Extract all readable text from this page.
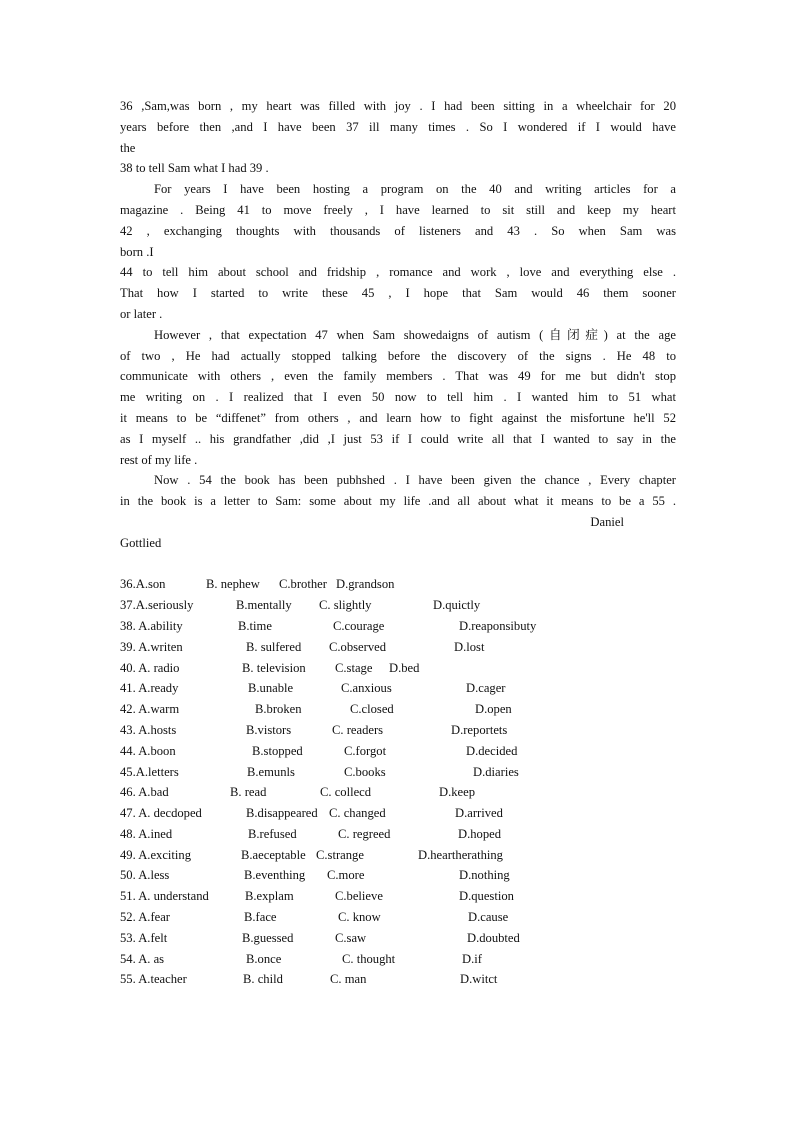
36 ,Sam,was born , my heart was filled with joy . I had been sitting in a wheelchair for 20
years before then ,and I have been 37 ill many times . So I wondered if I would have
the
38 to tell Sam what I had 39 .
For years I have been hosting a program on the 40 and writing articles for a
magazine . Being 41 to move freely , I have learned to sit still and keep my heart
42 , exchanging thoughts with thousands of listeners and 43 . So when Sam was
born .I
44 to tell him about school and fridship , romance and work , love and everything else .
That how I started to write these 45 , I hope that Sam would 46 them sooner
or later .
However , that expectation 47 when Sam showedaigns of autism (自闭症) at the age
of two , He had actually stopped talking before the discovery of the signs . He 48 to
communicate with others , even the family members . That was 49 for me but didn't stop
me writing on . I realized that I even 50 now to tell him . I wanted him to 51 what
it means to be “diffenet” from others , and learn how to fight against the misfortune he'll 52
as I myself .. his grandfather ,did ,I just 53 if I could write all that I wanted to say in the
rest of my life .
Now . 54 the book has been pubhshed . I have been given the chance , Every chapter
in the book is a letter to Sam: some about my life .and all about what it means to be a 55 .
Daniel
Gottlied
36.A.son	B. nephew C.brother D.grandson
37.A.seriously	B.mentally C. slightly	D.quictly
38. A.ability	B.time	C.courage	D.reaponsibuty
39. A.writen	B. sulfered C.observed	D.lost
40. A. radio	B. television C.stage D.bed
41. A.ready	B.unable	C.anxious	D.cager
42. A.warm	B.broken	C.closed	D.open
43. A.hosts	B.vistors	C. readers	D.reportets
44. A.boon	B.stopped	C.forgot	D.decided
45.A.letters	B.emunls	C.books	D.diaries
46. A.bad	B. read	C. collecd	D.keep
47. A. decdoped	B.disappeared C. changed	D.arrived
48. A.ined	B.refused	C. regreed	D.hoped
49. A.exciting	B.aeceptable C.strange	D.heartherathing
50. A.less	B.eventhing C.more	D.nothing
51. A. understand	B.explam	C.believe	D.question
52. A.fear	B.face	C. know	D.cause
53. A.felt	B.guessed	C.saw	D.doubted
54. A. as	B.once	C. thought	D.if
55. A.teacher	B. child	C. man	D.witct
